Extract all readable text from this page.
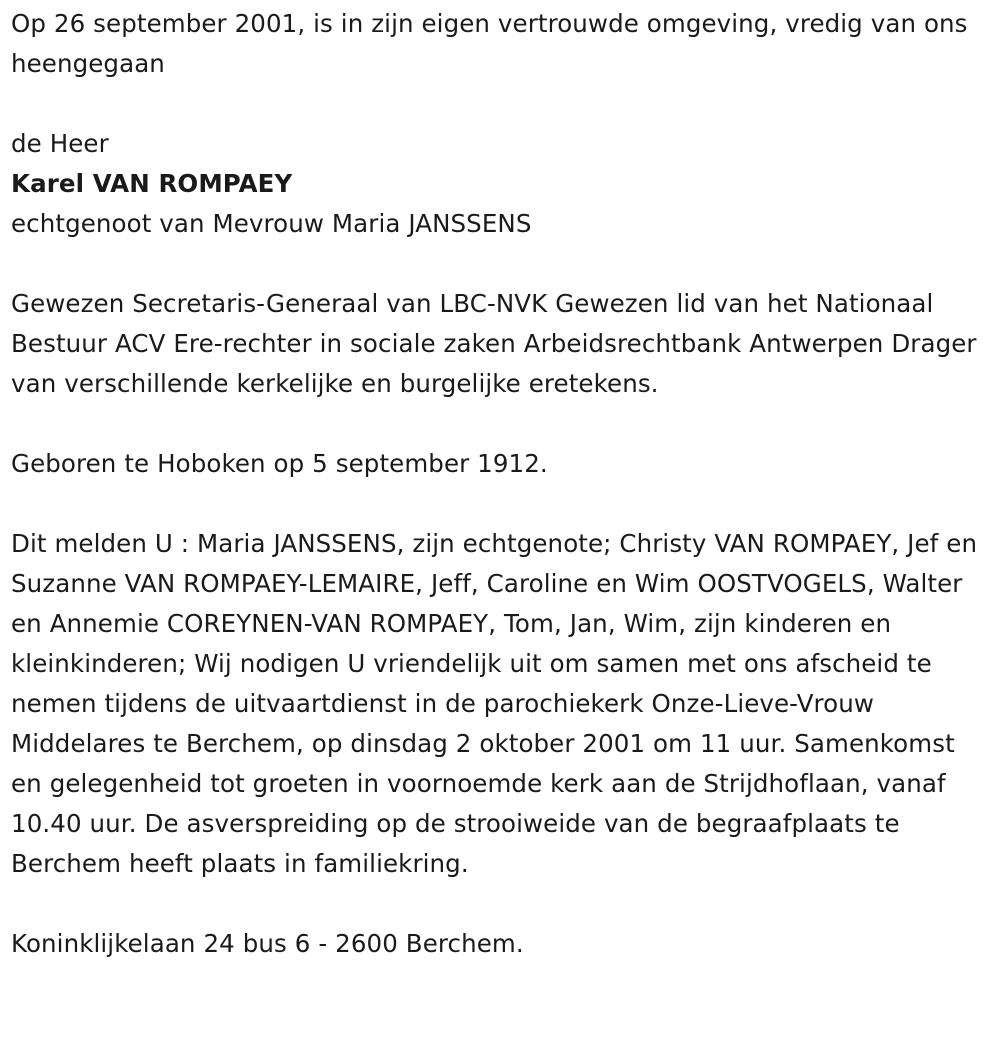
Op 26 september 2001, is in zijn eigen vertrouwde omgeving, vredig van ons heengegaan

de Heer

Karel VAN ROMPAEY

echtgenoot van Mevrouw Maria JANSSENS

Gewezen Secretaris-Generaal van LBC-NVK Gewezen lid van het Nationaal Bestuur ACV Ere-rechter in sociale zaken Arbeidsrechtbank Antwerpen Drager van verschillende kerkelijke en burgelijke eretekens.

Geboren te Hoboken op 5 september 1912.

Dit melden U : Maria JANSSENS, zijn echtgenote; Christy VAN ROMPAEY, Jef en Suzanne VAN ROMPAEY-LEMAIRE, Jeff, Caroline en Wim OOSTVOGELS, Walter en Annemie COREYNEN-VAN ROMPAEY, Tom, Jan, Wim, zijn kinderen en kleinkinderen; Wij nodigen U vriendelijk uit om samen met ons afscheid te nemen tijdens de uitvaartdienst in de parochiekerk Onze-Lieve-Vrouw Middelares te Berchem, op dinsdag 2 oktober 2001 om 11 uur. Samenkomst en gelegenheid tot groeten in voornoemde kerk aan de Strijdhoflaan, vanaf 10.40 uur. De asverspreiding op de strooiweide van de begraafplaats te Berchem heeft plaats in familiekring.

Koninklijkelaan 24 bus 6 - 2600 Berchem.
